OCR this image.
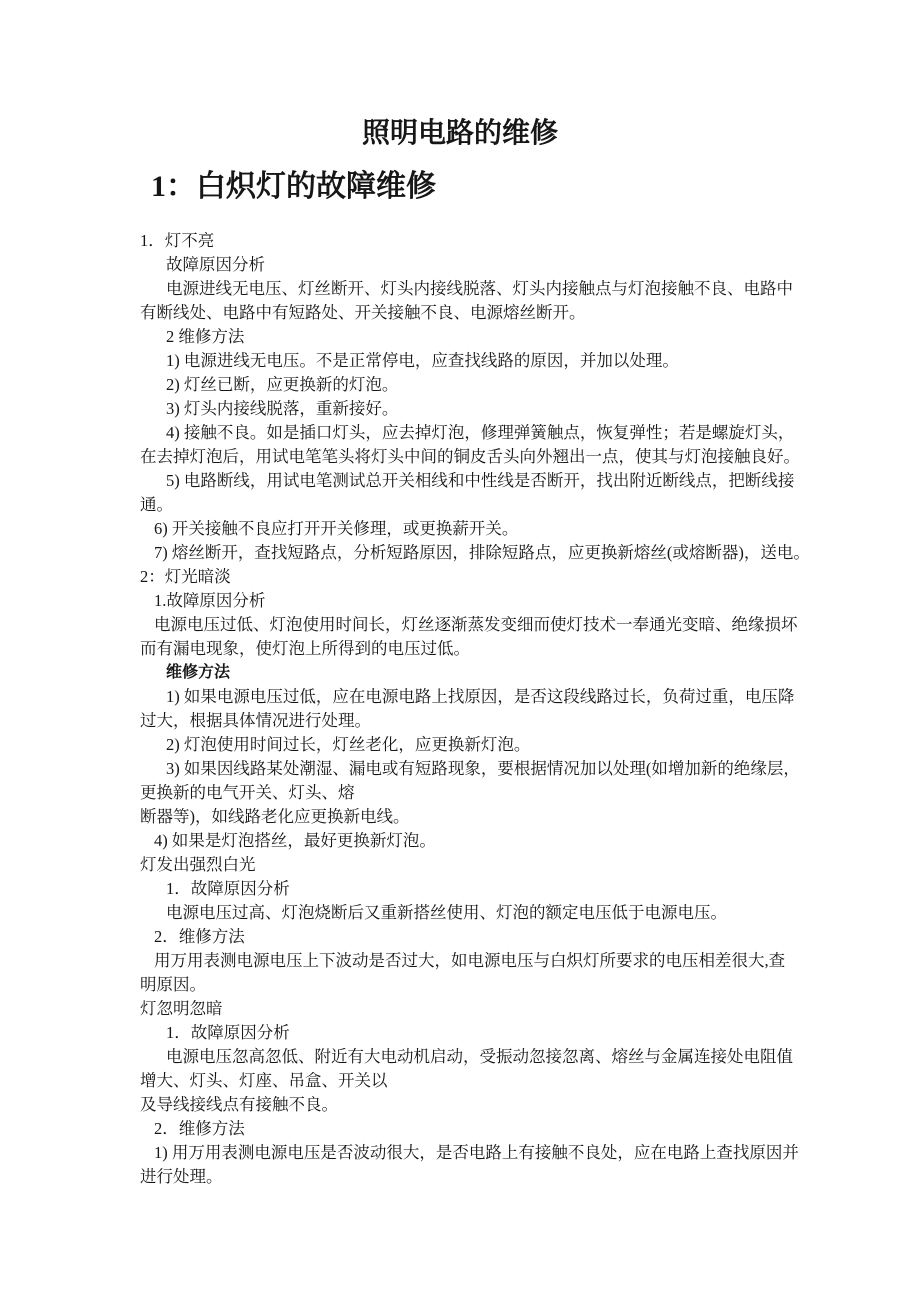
照明电路的维修
1：白炽灯的故障维修
1．灯不亮
故障原因分析
电源进线无电压、灯丝断开、灯头内接线脱落、灯头内接触点与灯泡接触不良、电路中
有断线处、电路中有短路处、开关接触不良、电源熔丝断开。
2 维修方法
1) 电源进线无电压。不是正常停电，应查找线路的原因，并加以处理。
2) 灯丝已断，应更换新的灯泡。
3) 灯头内接线脱落，重新接好。
4) 接触不良。如是插口灯头，应去掉灯泡，修理弹簧触点，恢复弹性；若是螺旋灯头，
在去掉灯泡后，用试电笔笔头将灯头中间的铜皮舌头向外翘出一点，使其与灯泡接触良好。
5) 电路断线，用试电笔测试总开关相线和中性线是否断开，找出附近断线点，把断线接
通。
6) 开关接触不良应打开开关修理，或更换薪开关。
7) 熔丝断开，查找短路点，分析短路原因，排除短路点，应更换新熔丝(或熔断器)，送电。
2：灯光暗淡
1.故障原因分析
电源电压过低、灯泡使用时间长，灯丝逐渐蒸发变细而使灯技术一奉通光变暗、绝缘损坏
而有漏电现象，使灯泡上所得到的电压过低。
维修方法
1) 如果电源电压过低，应在电源电路上找原因，是否这段线路过长，负荷过重，电压降
过大，根据具体情况进行处理。
2) 灯泡使用时间过长，灯丝老化，应更换新灯泡。
3) 如果因线路某处潮湿、漏电或有短路现象，要根据情况加以处理(如增加新的绝缘层，
更换新的电气开关、灯头、熔
断器等)，如线路老化应更换新电线。
4) 如果是灯泡搭丝，最好更换新灯泡。
灯发出强烈白光
1．故障原因分析
电源电压过高、灯泡烧断后又重新搭丝使用、灯泡的额定电压低于电源电压。
2．维修方法
用万用表测电源电压上下波动是否过大，如电源电压与白炽灯所要求的电压相差很大,查
明原因。
灯忽明忽暗
1．故障原因分析
电源电压忽高忽低、附近有大电动机启动，受振动忽接忽离、熔丝与金属连接处电阻值
增大、灯头、灯座、吊盒、开关以
及导线接线点有接触不良。
2．维修方法
1) 用万用表测电源电压是否波动很大，是否电路上有接触不良处，应在电路上查找原因并
进行处理。
